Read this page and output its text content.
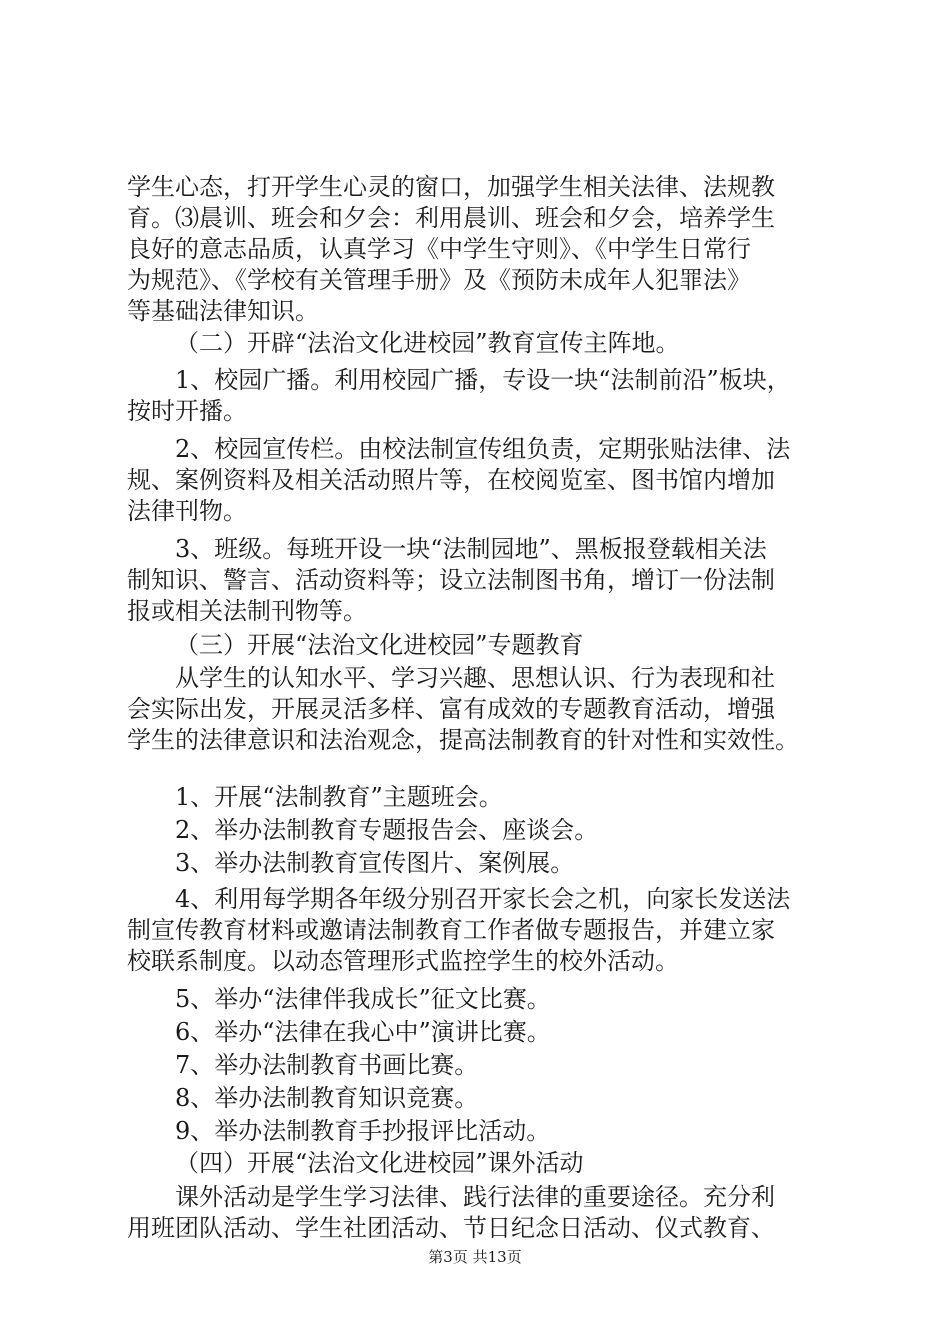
学生心态，打开学生心灵的窗口，加强学生相关法律、法规教
育。⑶晨训、班会和夕会：利用晨训、班会和夕会，培养学生
良好的意志品质，认真学习《中学生守则》、《中学生日常行
为规范》、《学校有关管理手册》及《预防未成年人犯罪法》
等基础法律知识。
（二）开辟“法治文化进校园”教育宣传主阵地。
1、校园广播。利用校园广播，专设一块“法制前沿”板块，
按时开播。
2、校园宣传栏。由校法制宣传组负责，定期张贴法律、法
规、案例资料及相关活动照片等，在校阅览室、图书馆内增加
法律刊物。
3、班级。每班开设一块“法制园地”、黑板报登载相关法
制知识、警言、活动资料等；设立法制图书角，增订一份法制
报或相关法制刊物等。
（三）开展“法治文化进校园”专题教育
从学生的认知水平、学习兴趣、思想认识、行为表现和社
会实际出发，开展灵活多样、富有成效的专题教育活动，增强
学生的法律意识和法治观念，提高法制教育的针对性和实效性。
1、开展“法制教育”主题班会。
2、举办法制教育专题报告会、座谈会。
3、举办法制教育宣传图片、案例展。
4、利用每学期各年级分别召开家长会之机，向家长发送法
制宣传教育材料或邀请法制教育工作者做专题报告，并建立家
校联系制度。以动态管理形式监控学生的校外活动。
5、举办“法律伴我成长”征文比赛。
6、举办“法律在我心中”演讲比赛。
7、举办法制教育书画比赛。
8、举办法制教育知识竞赛。
9、举办法制教育手抄报评比活动。
（四）开展“法治文化进校园”课外活动
课外活动是学生学习法律、践行法律的重要途径。充分利
用班团队活动、学生社团活动、节日纪念日活动、仪式教育、
第3页 共13页
